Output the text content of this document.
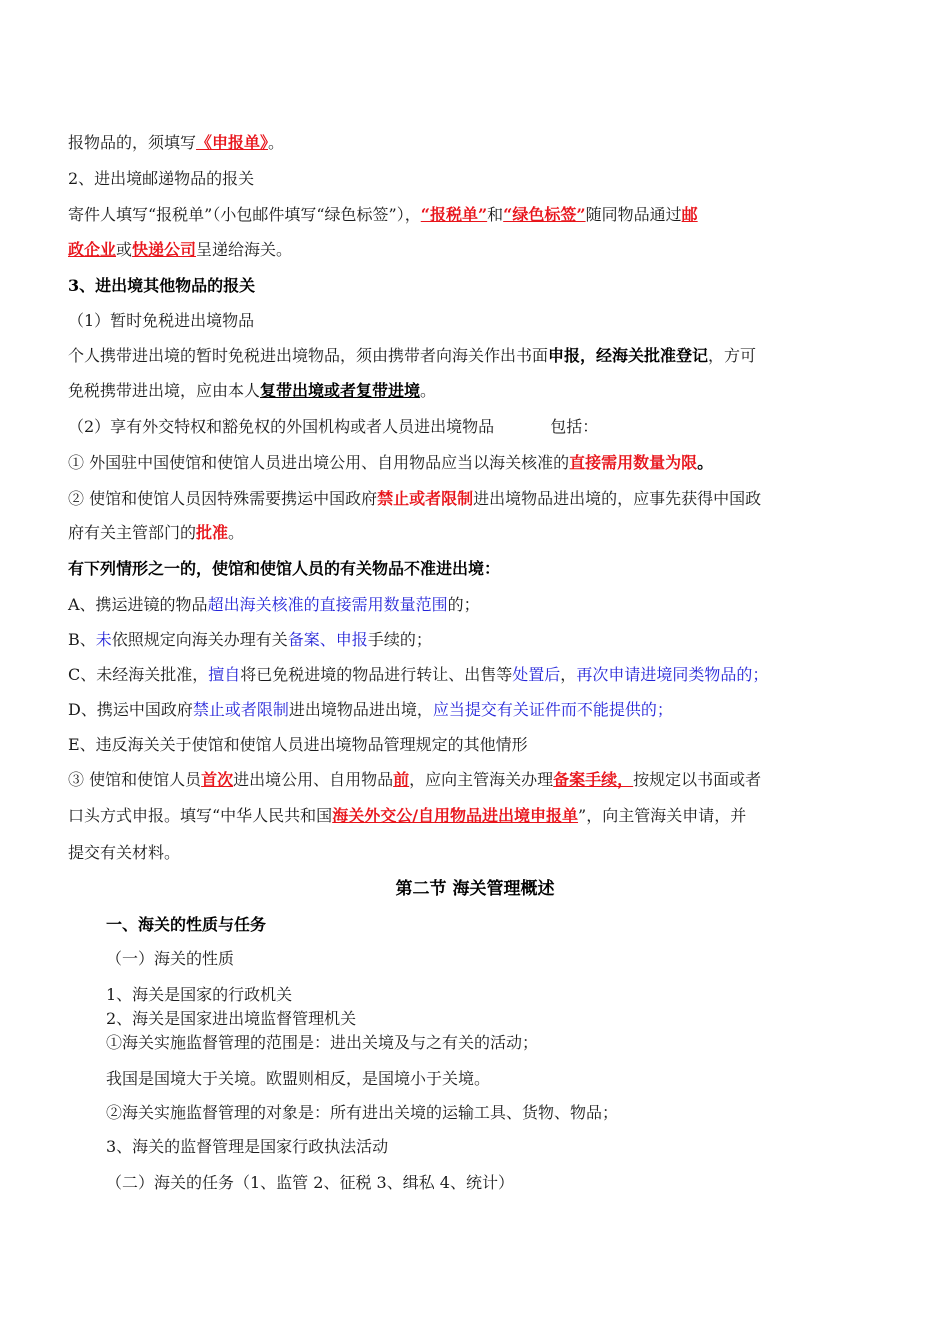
报物品的，须填写《申报单》。
2、进出境邮递物品的报关
寄件人填写“报税单”（小包邮件填写“绿色标签”），“报税单”和“绿色标签”随同物品通过邮
政企业或快递公司呈递给海关。
3、进出境其他物品的报关
（1）暂时免税进出境物品
个人携带进出境的暂时免税进出境物品，须由携带者向海关作出书面申报，经海关批准登记，方可
免税携带进出境，应由本人复带出境或者复带进境。
（2）享有外交特权和豁免权的外国机构或者人员进出境物品	包括：
① 外国驻中国使馆和使馆人员进出境公用、自用物品应当以海关核准的直接需用数量为限。
② 使馆和使馆人员因特殊需要携运中国政府禁止或者限制进出境物品进出境的，应事先获得中国政
府有关主管部门的批准。
有下列情形之一的，使馆和使馆人员的有关物品不准进出境：
A、携运进镜的物品超出海关核准的直接需用数量范围的；
B、未依照规定向海关办理有关备案、申报手续的；
C、未经海关批准，擅自将已免税进境的物品进行转让、出售等处置后，再次申请进境同类物品的；
D、携运中国政府禁止或者限制进出境物品进出境，应当提交有关证件而不能提供的；
E、违反海关关于使馆和使馆人员进出境物品管理规定的其他情形
③ 使馆和使馆人员首次进出境公用、自用物品前，应向主管海关办理备案手续，按规定以书面或者
口头方式申报。填写“中华人民共和国海关外交公/自用物品进出境申报单”，向主管海关申请，并
提交有关材料。
第二节 海关管理概述
一、海关的性质与任务
（一）海关的性质
1、海关是国家的行政机关
2、海关是国家进出境监督管理机关
①海关实施监督管理的范围是：进出关境及与之有关的活动；
我国是国境大于关境。欧盟则相反，是国境小于关境。
②海关实施监督管理的对象是：所有进出关境的运输工具、货物、物品；
3、海关的监督管理是国家行政执法活动
（二）海关的任务（1、监管 2、征税 3、缉私 4、统计）
